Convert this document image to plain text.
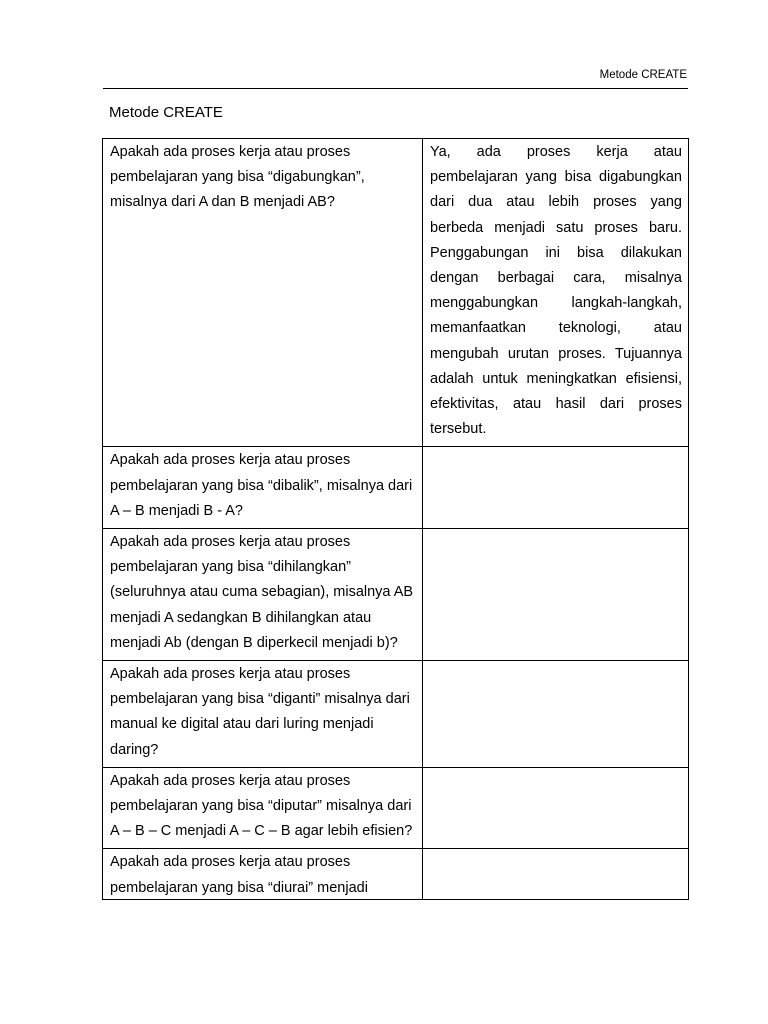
Metode CREATE
Metode CREATE
Apakah ada proses kerja atau proses pembelajaran yang bisa “digabungkan”, misalnya dari A dan B menjadi AB?	Ya, ada proses kerja atau pembelajaran yang bisa digabungkan dari dua atau lebih proses yang berbeda menjadi satu proses baru. Penggabungan ini bisa dilakukan dengan berbagai cara, misalnya menggabungkan langkah-langkah, memanfaatkan teknologi, atau mengubah urutan proses. Tujuannya adalah untuk meningkatkan efisiensi, efektivitas, atau hasil dari proses tersebut.
Apakah ada proses kerja atau proses pembelajaran yang bisa “dibalik”, misalnya dari A – B menjadi B - A?	
Apakah ada proses kerja atau proses pembelajaran yang bisa “dihilangkan” (seluruhnya atau cuma sebagian), misalnya AB menjadi A sedangkan B dihilangkan atau menjadi Ab (dengan B diperkecil menjadi b)?	
Apakah ada proses kerja atau proses pembelajaran yang bisa “diganti” misalnya dari manual ke digital atau dari luring menjadi daring?	
Apakah ada proses kerja atau proses pembelajaran yang bisa “diputar” misalnya dari A – B – C menjadi A – C – B agar lebih efisien?	

Apakah ada proses kerja atau proses pembelajaran yang bisa “diurai” menjadi	
